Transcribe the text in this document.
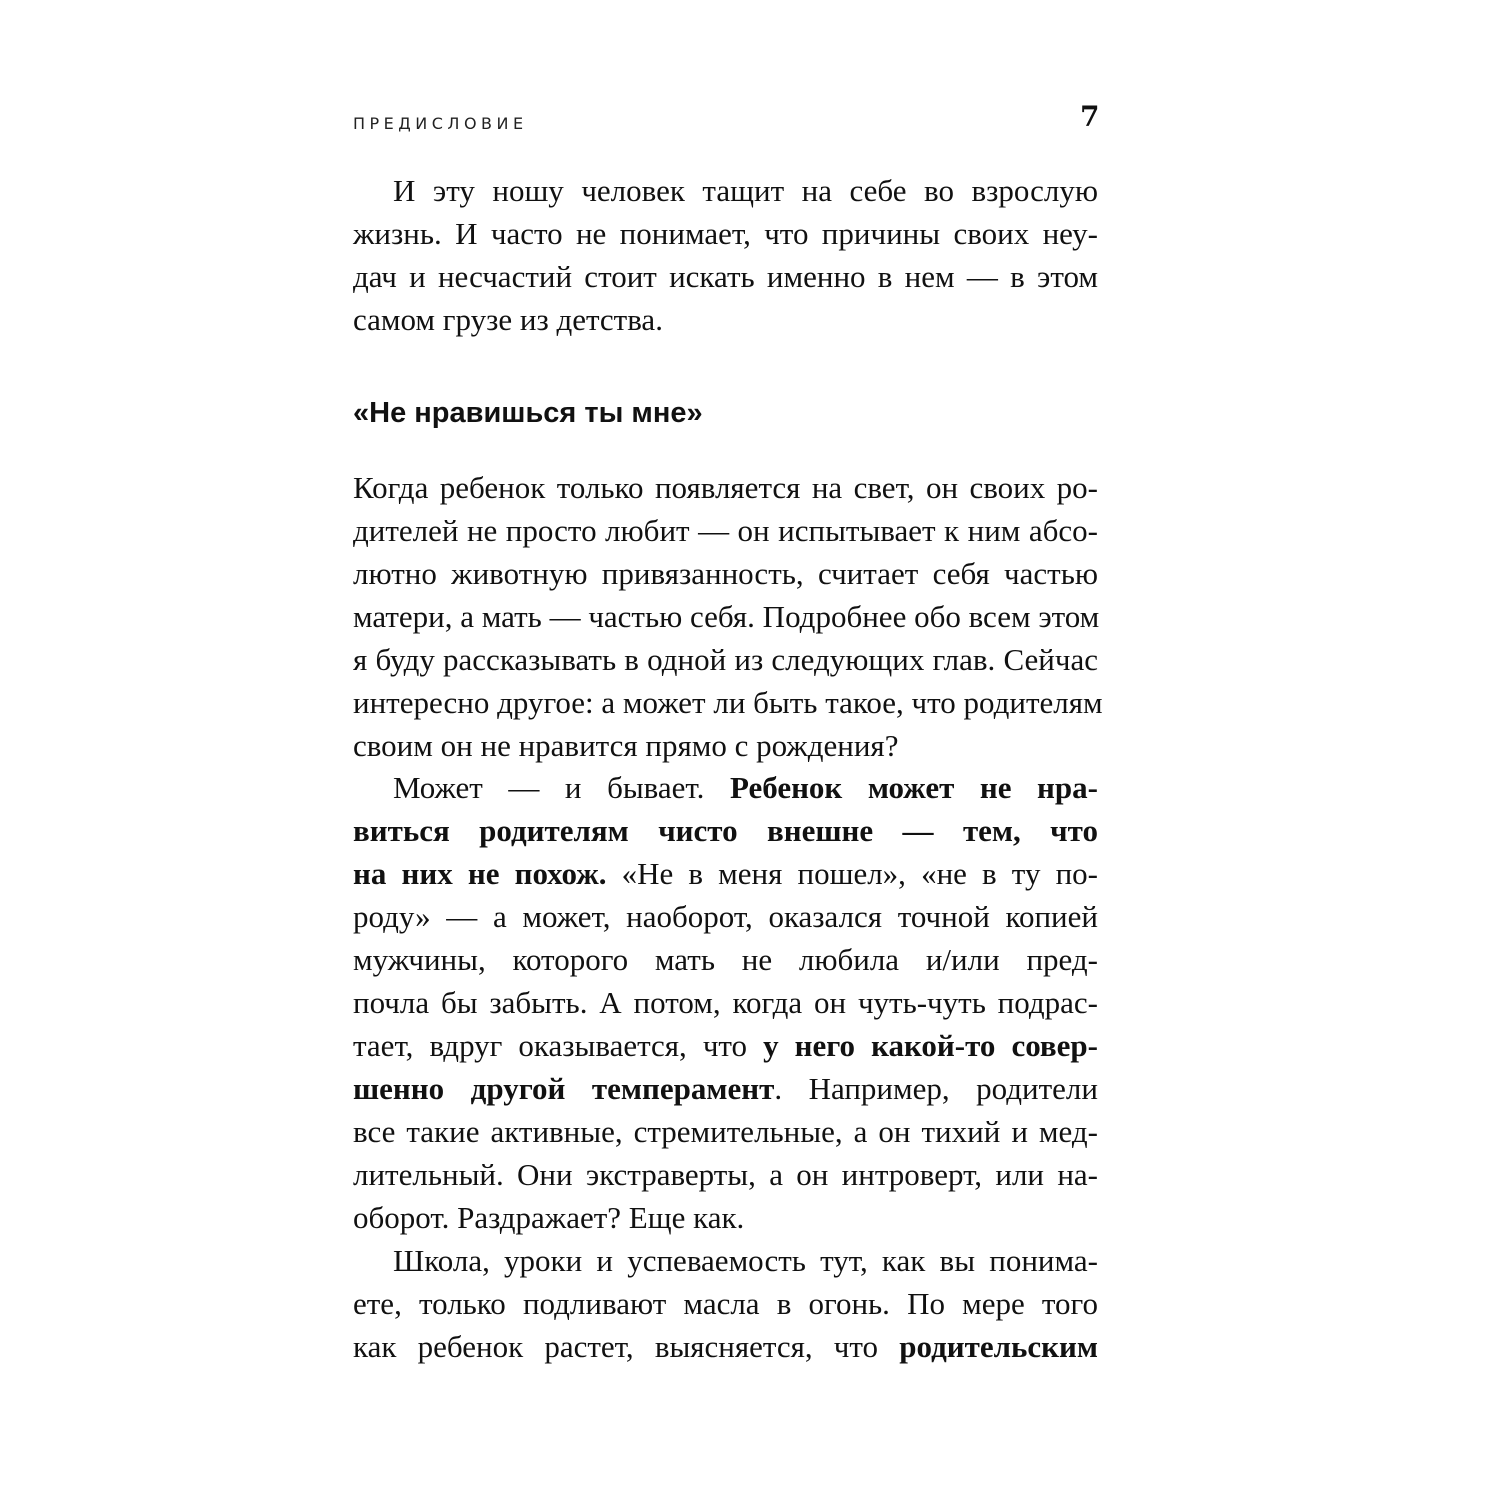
ПРЕДИСЛОВИЕ	7
И эту ношу человек тащит на себе во взрослую
жизнь. И часто не понимает, что причины своих неу-
дач и несчастий стоит искать именно в нем — в этом
самом грузе из детства.
«Не нравишься ты мне»
Когда ребенок только появляется на свет, он своих ро-
дителей не просто любит — он испытывает к ним абсо-
лютно животную привязанность, считает себя частью
матери, а мать — частью себя. Подробнее обо всем этом
я буду рассказывать в одной из следующих глав. Сейчас
интересно другое: а может ли быть такое, что родителям
своим он не нравится прямо с рождения?
Может — и бывает. Ребенок может не нра-
виться родителям чисто внешне — тем, что
на них не похож. «Не в меня пошел», «не в ту по-
роду» — а может, наоборот, оказался точной копией
мужчины, которого мать не любила и/или пред-
почла бы забыть. А потом, когда он чуть-чуть подрас-
тает, вдруг оказывается, что у него какой-то совер-
шенно другой темперамент. Например, родители
все такие активные, стремительные, а он тихий и мед-
лительный. Они экстраверты, а он интроверт, или на-
оборот. Раздражает? Еще как.
Школа, уроки и успеваемость тут, как вы понима-
ете, только подливают масла в огонь. По мере того
как ребенок растет, выясняется, что родительским
